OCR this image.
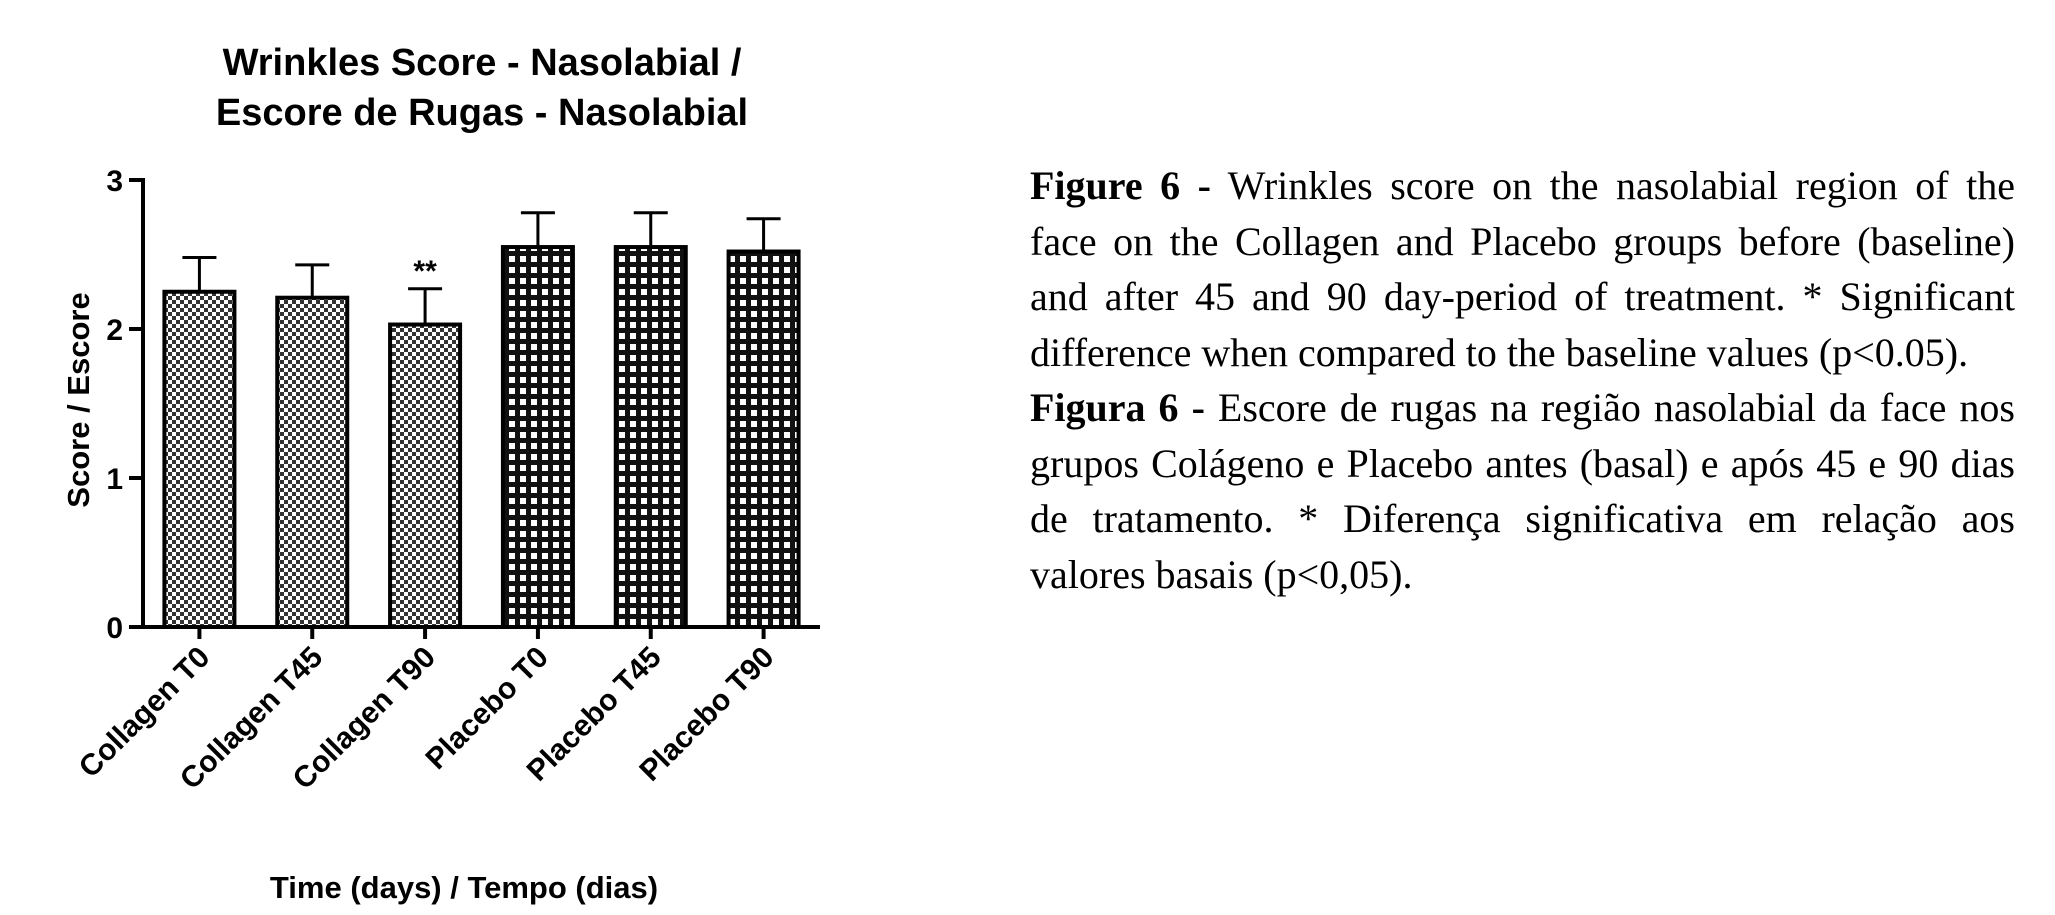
Wrinkles Score - Nasolabial /
Escore de Rugas - Nasolabial
0
1
2
3
**
Collagen T0
Collagen T45
Collagen T90
Placebo T0
Placebo T45
Placebo T90
Time (days) / Tempo (dias)
Score / Escore

Figure 6 - Wrinkles score on the nasolabial region of the face on the Collagen and Placebo groups before (baseline) and after 45 and 90 day-period of treatment. * Significant difference when compared to the baseline values (p<0.05).

Figura 6 - Escore de rugas na região nasolabial da face nos grupos Colágeno e Placebo antes (basal) e após 45 e 90 dias de tratamento. * Diferença significativa em relação aos valores basais (p<0,05).
